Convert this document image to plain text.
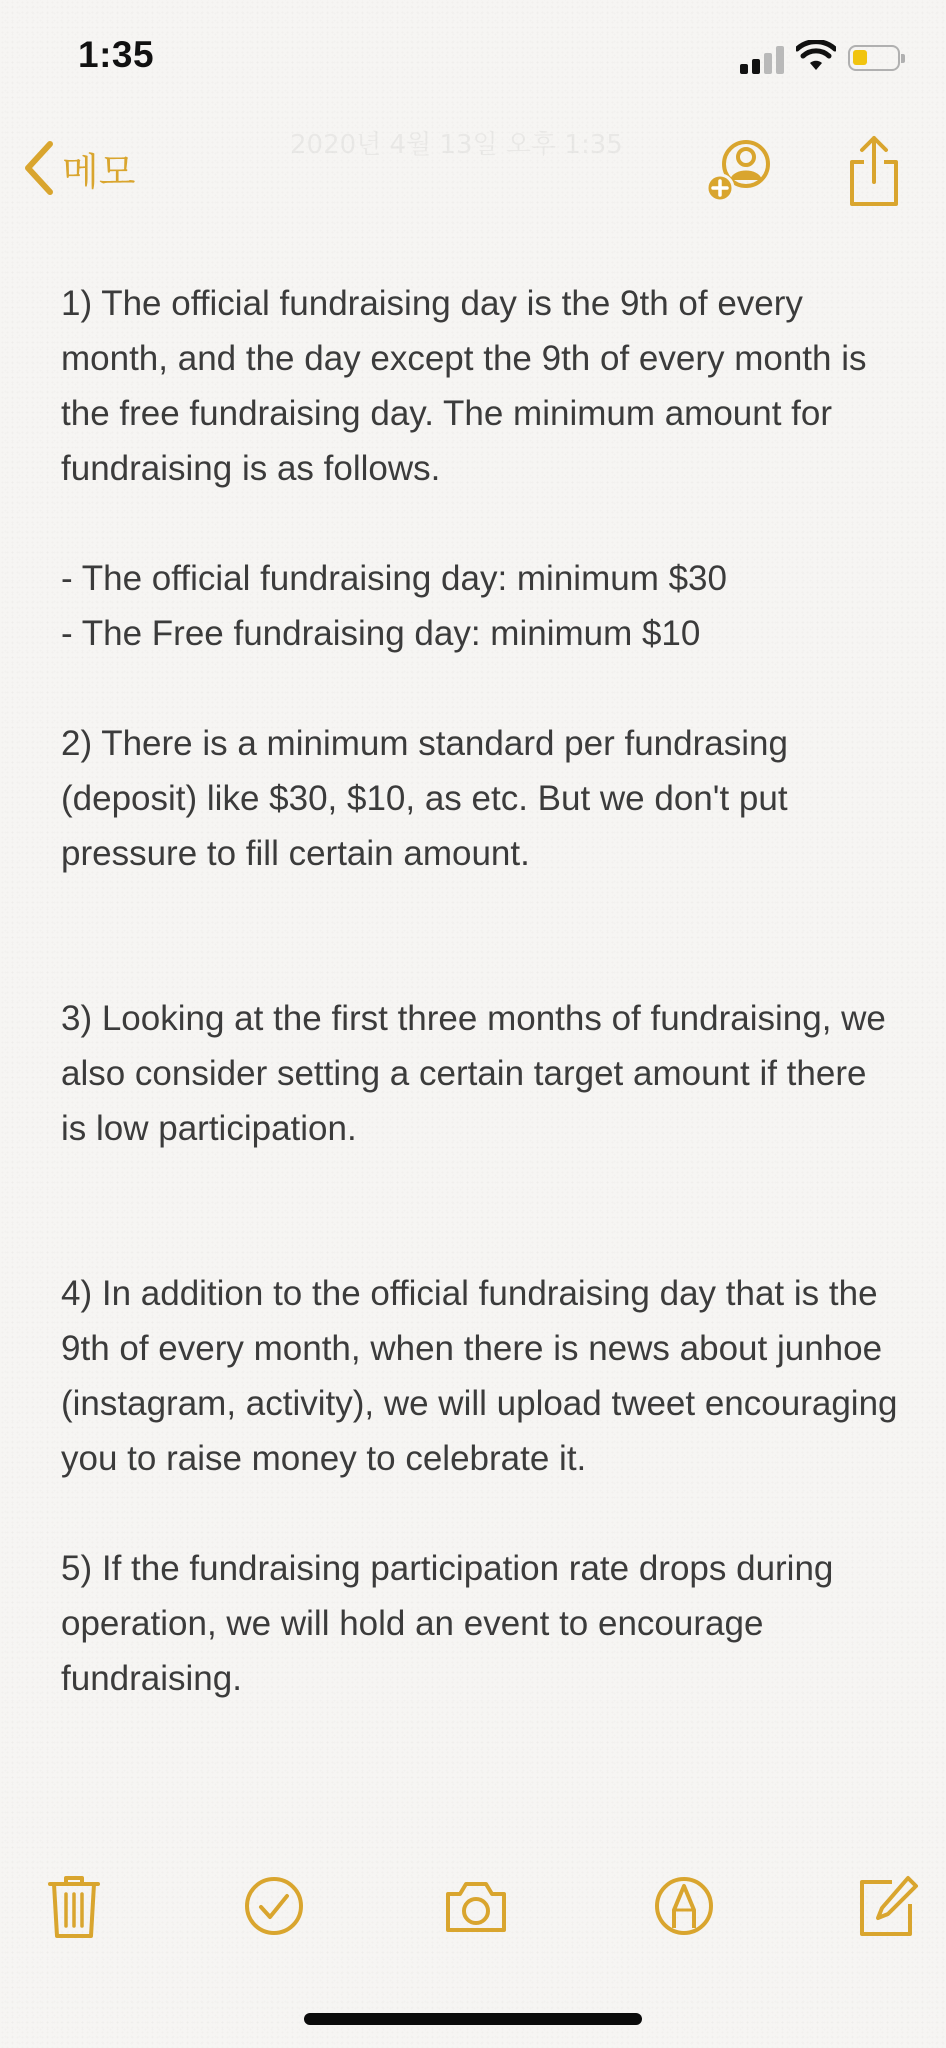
1:35
메모
2020년 4월 13일 오후 1:35

1) The official fundraising day is the 9th of every month, and the day except the 9th of every month is the free fundraising day. The minimum amount for fundraising is as follows.

- The official fundraising day: minimum $30

- The Free fundraising day: minimum $10

2) There is a minimum standard per fundrasing (deposit) like $30, $10, as etc. But we don't put pressure to fill certain amount.

3) Looking at the first three months of fundraising, we also consider setting a certain target amount if there is low participation.

4) In addition to the official fundraising day that is the 9th of every month, when there is news about junhoe (instagram, activity), we will upload tweet encouraging you to raise money to celebrate it.

5) If the fundraising participation rate drops during operation, we will hold an event to encourage fundraising.
